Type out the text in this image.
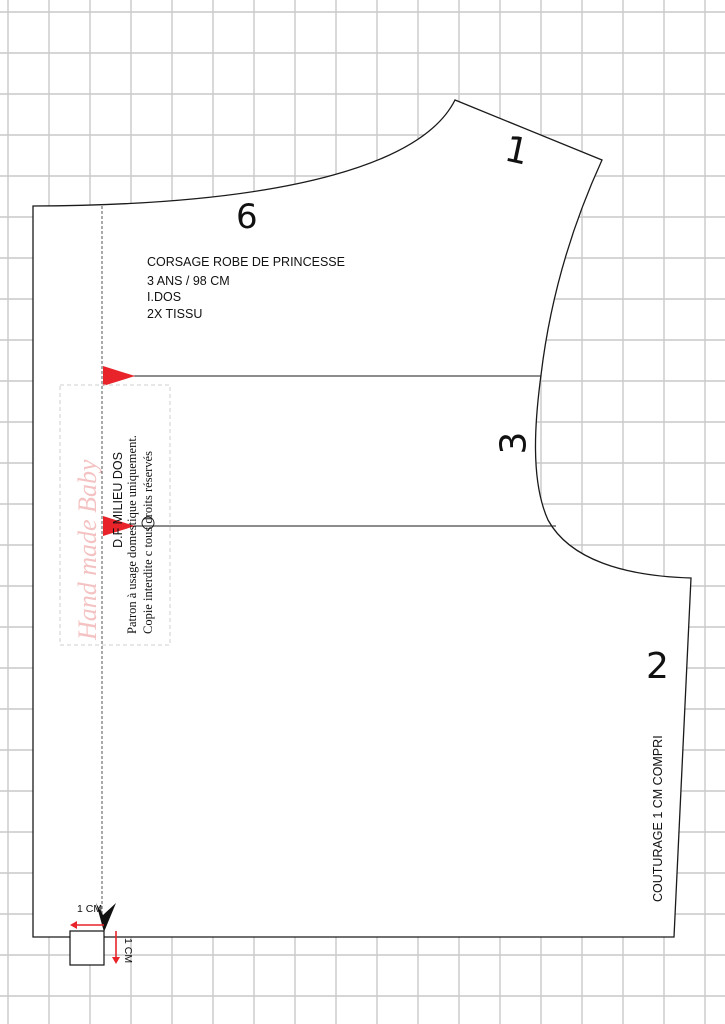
Hand made Baby D.F MILIEU DOS Patron à usage domestique uniquement. Copie interdite c tous droits réservés
CORSAGE ROBE DE PRINCESSE
3 ANS / 98 CM
I.DOS
2X TISSU
6
1
3
2
COUTURAGE 1 CM COMPRI
1 CM
1 CM
